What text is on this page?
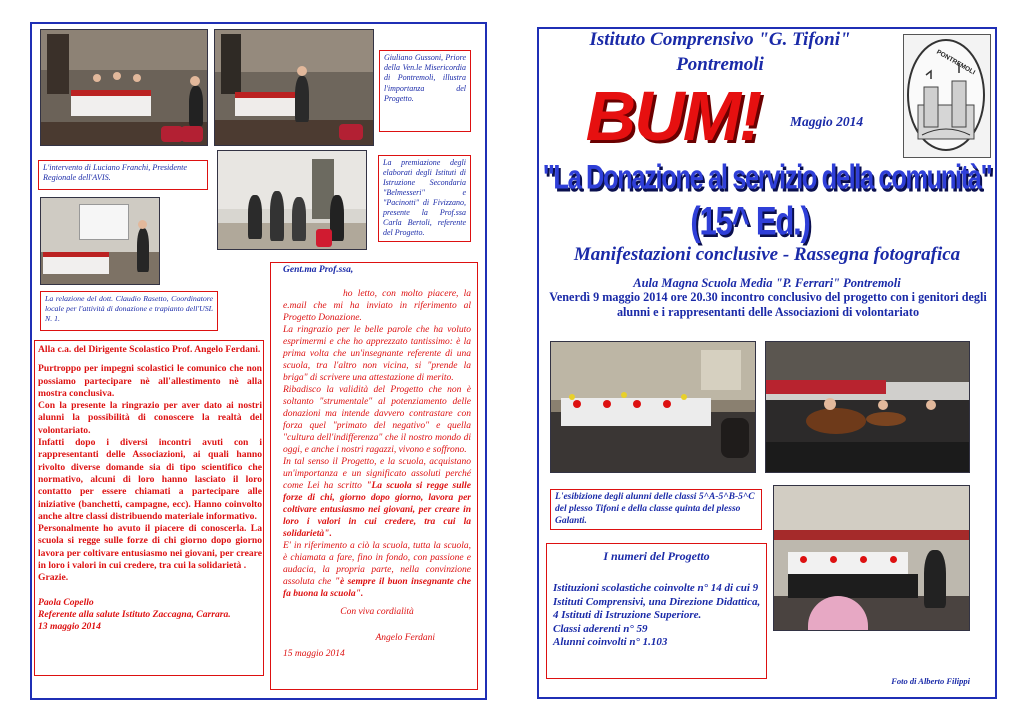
Giuliano Gussoni, Priore della Ven.le Misericordia di Pontremoli, illustra l'importanza del Progetto.
L'intervento di Luciano Franchi, Presidente Regionale dell'AVIS.
La premiazione degli elaborati degli Istituti di Istruzione Secondaria "Belmesseri" e "Pacinotti" di Fivizzano, presente la Prof.ssa Carla Bertoli, referente del Progetto.
La relazione del dott. Claudio Rasetto, Coordinatore locale per l'attività di donazione e trapianto dell'USL N. 1.

Alla c.a. del Dirigente Scolastico Prof. Angelo Ferdani.

Purtroppo per impegni scolastici le comunico che non possiamo partecipare nè all'allestimento nè alla mostra conclusiva.
Con la presente la ringrazio per aver dato ai nostri alunni la possibilità di conoscere la realtà del volontariato.
Infatti dopo i diversi incontri avuti con i rappresentanti delle Associazioni, ai quali hanno rivolto diverse domande sia di tipo scientifico che normativo, alcuni di loro hanno lasciato il loro contatto per essere chiamati a partecipare alle iniziative (banchetti, campagne, ecc). Hanno coinvolto anche altre classi distribuendo materiale informativo.
Personalmente ho avuto il piacere di conoscerla. La scuola si regge sulle forze di chi giorno dopo giorno lavora per coltivare entusiasmo nei giovani, per creare in loro i valori in cui credere, tra cui la solidarietà .
Grazie.

Paola Copello

Referente alla salute Istituto Zaccagna, Carrara.

13 maggio 2014

Gent.ma Prof.ssa,

ho letto, con molto piacere, la e.mail che mi ha inviato in riferimento al Progetto Donazione.

La ringrazio per le belle parole che ha voluto esprimermi e che ho apprezzato tantissimo: è la prima volta che un'insegnante referente di una scuola, tra l'altro non vicina, si "prende la briga" di scrivere una attestazione di merito.

Ribadisco la validità del Progetto che non è soltanto "strumentale" al potenziamento delle donazioni ma intende davvero contrastare con forza quel "primato del negativo" e quella "cultura dell'indifferenza" che il nostro mondo di oggi, e anche i nostri ragazzi, vivono e soffrono.

In tal senso il Progetto, e la scuola, acquistano un'importanza e un significato assoluti perché come Lei ha scritto "La scuola si regge sulle forze di chi, giorno dopo giorno, lavora per coltivare entusiasmo nei giovani, per creare in loro i valori in cui credere, tra cui la solidarietà".

E' in riferimento a ciò la scuola, tutta la scuola, è chiamata a fare, fino in fondo, con passione e audacia, la propria parte, nella convinzione assoluta che "è sempre il buon insegnante che fa buona la scuola".

Con viva cordialità

Angelo Ferdani

15 maggio 2014

Istituto Comprensivo "G. Tifoni"
Pontremoli
BUM!	Maggio 2014
PONTREMOLI
"La Donazione al servizio della comunità"
(15^ Ed.)
Manifestazioni conclusive - Rassegna fotografica
Aula Magna Scuola Media "P. Ferrari" Pontremoli
Venerdì 9 maggio 2014 ore 20.30 incontro conclusivo del progetto con i genitori degli alunni e i rappresentanti delle Associazioni di volontariato
L'esibizione degli alunni delle classi 5^A-5^B-5^C del plesso Tifoni e della classe quinta del plesso Galanti.
I numeri del Progetto
Istituzioni scolastiche coinvolte n° 14 di cui 9 Istituti Comprensivi, una Direzione Didattica, 4 Istituti di Istruzione Superiore.
Classi aderenti n° 59
Alunni coinvolti n° 1.103
Foto di Alberto Filippi
